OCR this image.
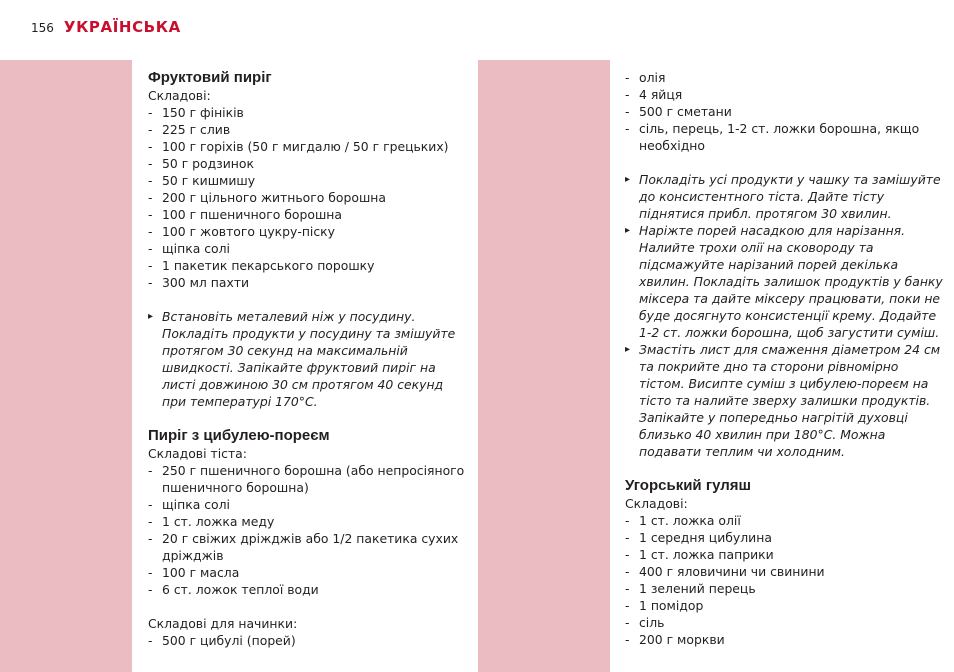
156 УКРАЇНСЬКА
Фруктовий пиріг

Складові:

- 150 г фініків
- 225 г слив
- 100 г горіхів (50 г мигдалю / 50 г грецьких)
- 50 г родзинок
- 50 г кишмишу
- 200 г цільного житнього борошна
- 100 г пшеничного борошна
- 100 г жовтого цукру-піску
- щіпка солі
- 1 пакетик пекарського порошку
- 300 мл пахти
▸ Встановіть металевий ніж у посудину. Покладіть продукти у посудину та змішуйте протягом 30 секунд на максимальній швидкості. Запікайте фруктовий пиріг на листі довжиною 30 см протягом 40 секунд при температурі 170°C.
Пиріг з цибулею-пореєм

Складові тіста:

- 250 г пшеничного борошна (або непросіяного пшеничного борошна)
- щіпка солі
- 1 ст. ложка меду
- 20 г свіжих дріжджів або 1/2 пакетика сухих дріжджів
- 100 г масла
- 6 ст. ложок теплої води

Складові для начинки:

- 500 г цибулі (порей)
- олія
- 4 яйця
- 500 г сметани
- сіль, перець, 1-2 ст. ложки борошна, якщо необхідно
▸ Покладіть усі продукти у чашку та замішуйте до консистентного тіста. Дайте тісту піднятися прибл. протягом 30 хвилин.
▸ Наріжте порей насадкою для нарізання. Налийте трохи олії на сковороду та підсмажуйте нарізаний порей декілька хвилин. Покладіть залишок продуктів у банку міксера та дайте міксеру працювати, поки не буде досягнуто консистенції крему. Додайте 1-2 ст. ложки борошна, щоб загустити суміш.
▸ Змастіть лист для смаження діаметром 24 см та покрийте дно та сторони рівномірно тістом. Висипте суміш з цибулею-пореєм на тісто та налийте зверху залишки продуктів. Запікайте у попередньо нагрітій духовці близько 40 хвилин при 180°C. Можна подавати теплим чи холодним.
Угорський гуляш

Складові:

- 1 ст. ложка олії
- 1 середня цибулина
- 1 ст. ложка паприки
- 400 г яловичини чи свинини
- 1 зелений перець
- 1 помідор
- сіль
- 200 г моркви
